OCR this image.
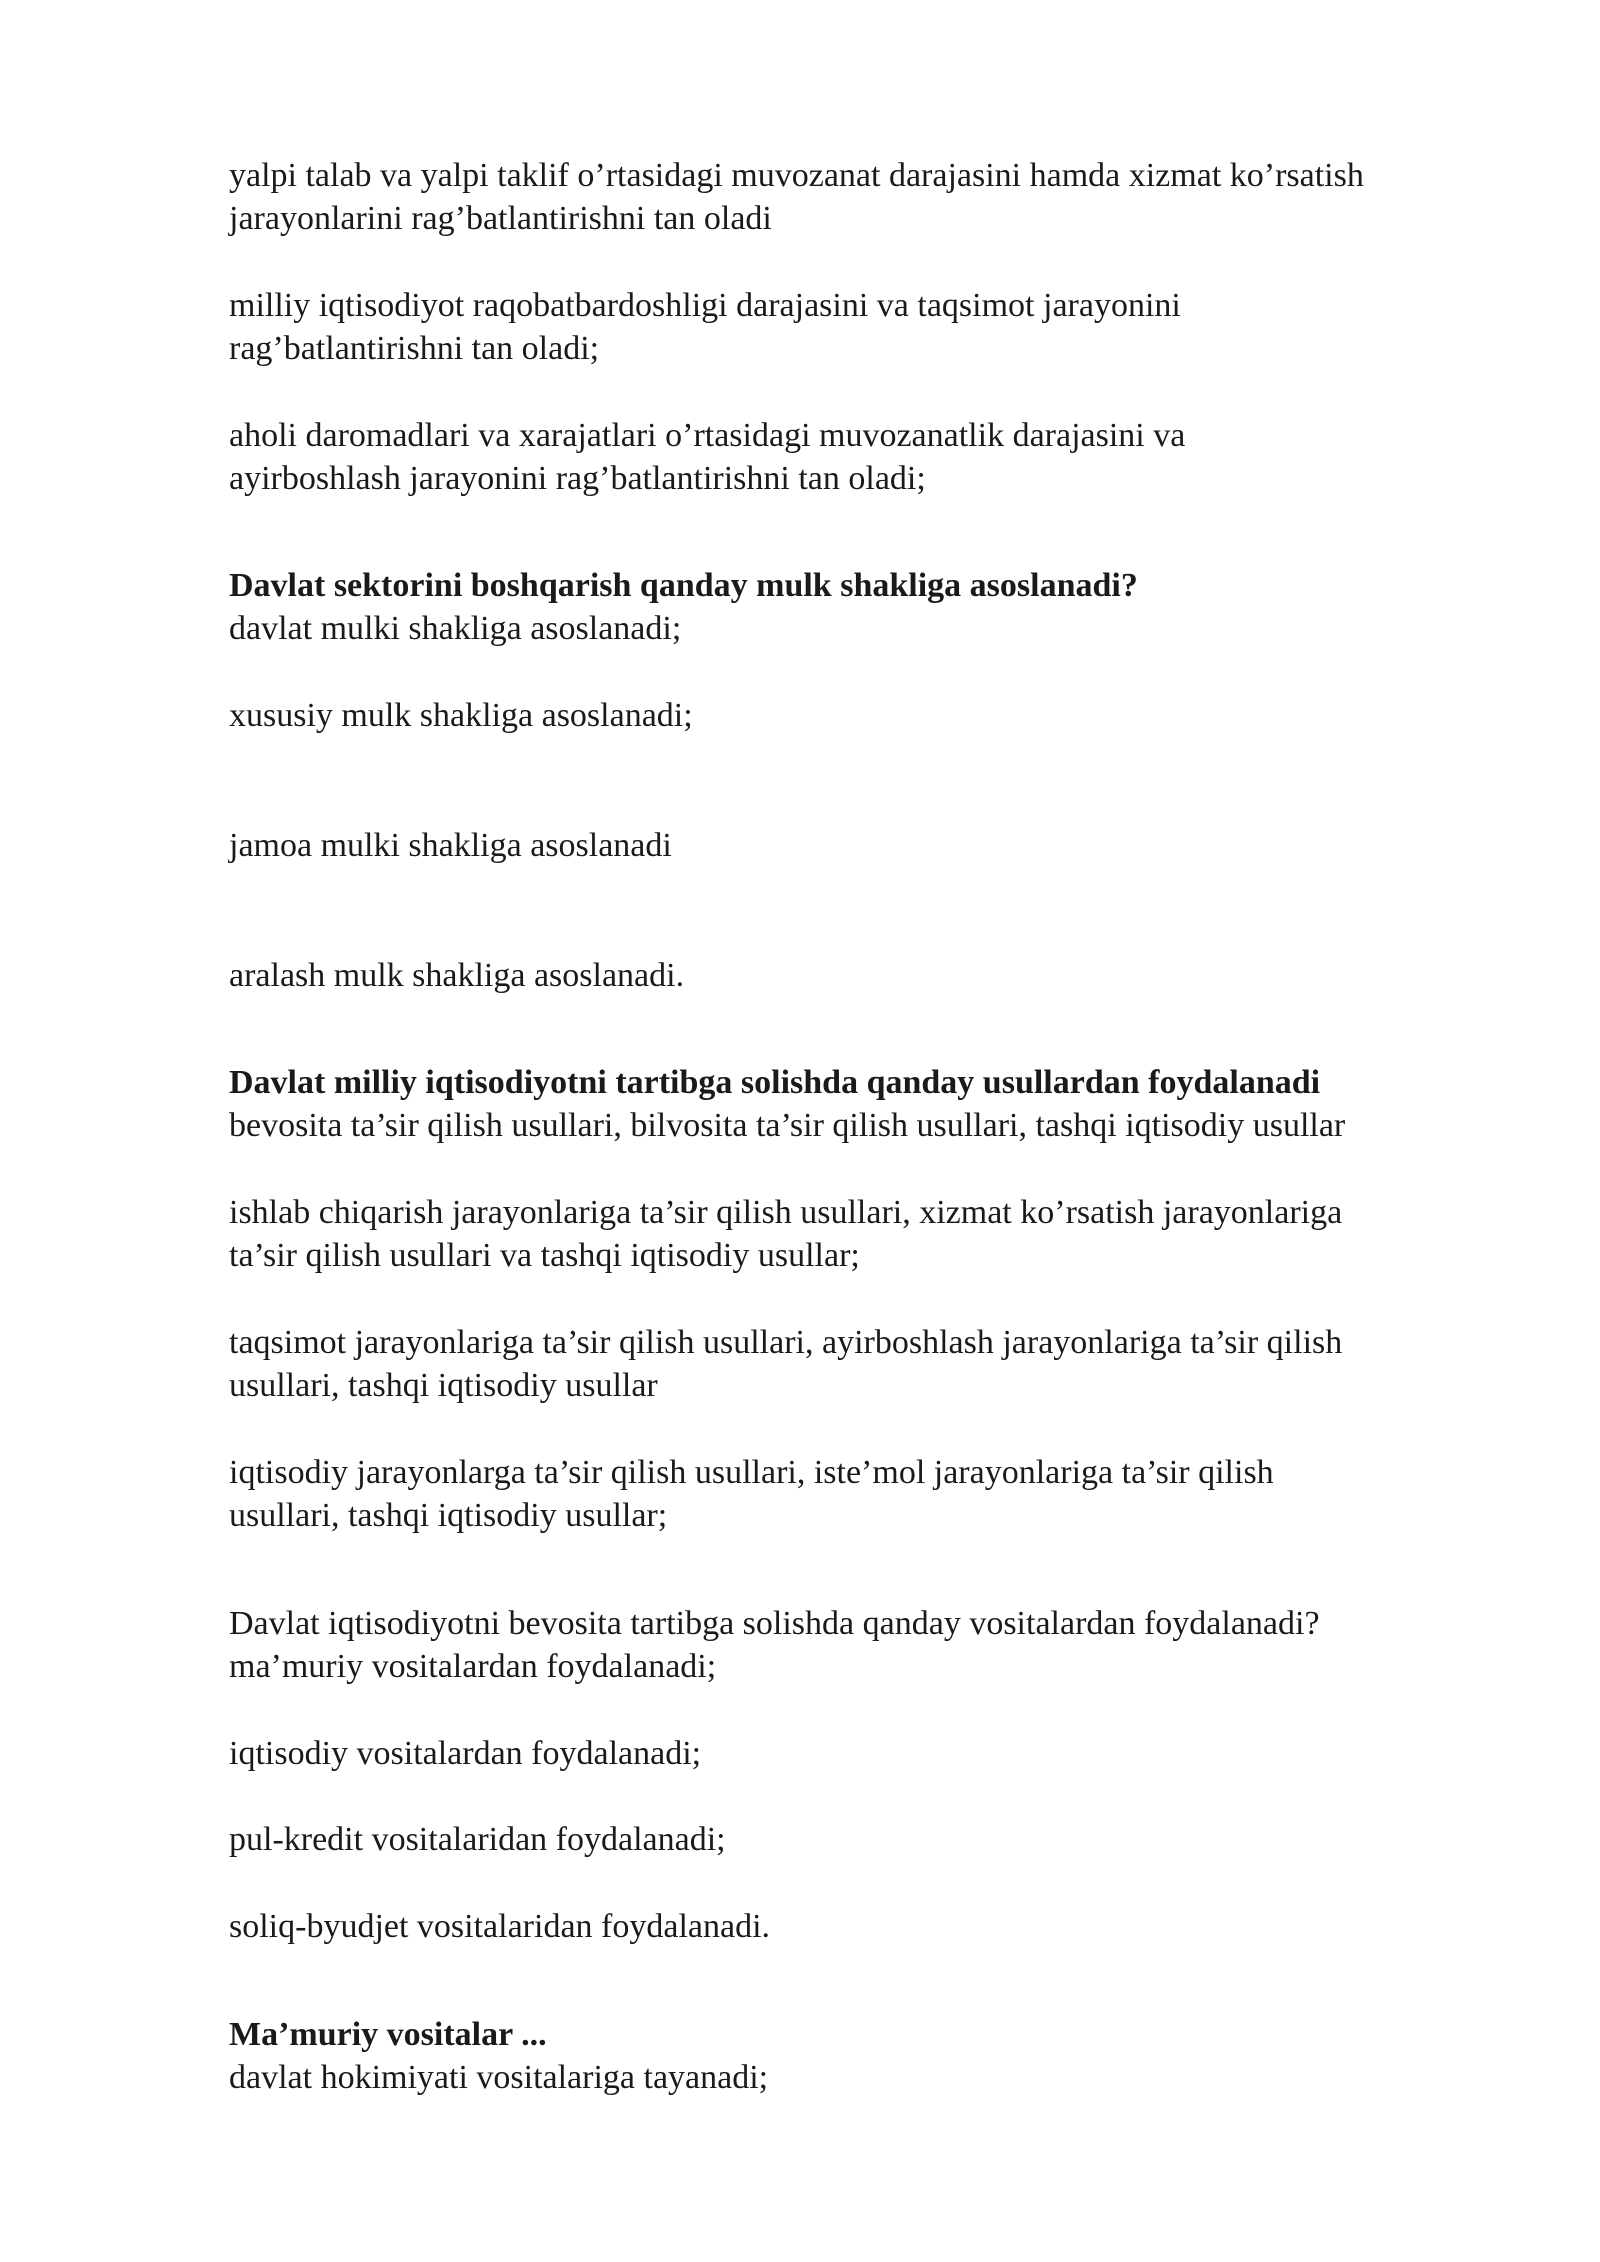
yalpi talab va yalpi taklif o’rtasidagi muvozanat darajasini hamda xizmat ko’rsatish

jarayonlarini rag’batlantirishni tan oladi

milliy iqtisodiyot raqobatbardoshligi darajasini va taqsimot jarayonini

rag’batlantirishni tan oladi;

aholi daromadlari va xarajatlari o’rtasidagi muvozanatlik darajasini va

ayirboshlash jarayonini rag’batlantirishni tan oladi;

Davlat sektorini boshqarish qanday mulk shakliga asoslanadi?

davlat mulki shakliga asoslanadi;

xususiy mulk shakliga asoslanadi;

jamoa mulki shakliga asoslanadi

aralash mulk shakliga asoslanadi.

Davlat milliy iqtisodiyotni tartibga solishda qanday usullardan foydalanadi

bevosita ta’sir qilish usullari, bilvosita ta’sir qilish usullari, tashqi iqtisodiy usullar

ishlab chiqarish jarayonlariga ta’sir qilish usullari, xizmat ko’rsatish jarayonlariga

ta’sir qilish usullari va tashqi iqtisodiy usullar;

taqsimot jarayonlariga ta’sir qilish usullari, ayirboshlash jarayonlariga ta’sir qilish

usullari, tashqi iqtisodiy usullar

iqtisodiy jarayonlarga ta’sir qilish usullari, iste’mol jarayonlariga ta’sir qilish

usullari, tashqi iqtisodiy usullar;

Davlat iqtisodiyotni bevosita tartibga solishda qanday vositalardan foydalanadi?

ma’muriy vositalardan foydalanadi;

iqtisodiy vositalardan foydalanadi;

pul-kredit vositalaridan foydalanadi;

soliq-byudjet vositalaridan foydalanadi.

Ma’muriy vositalar ...

davlat hokimiyati vositalariga tayanadi;
